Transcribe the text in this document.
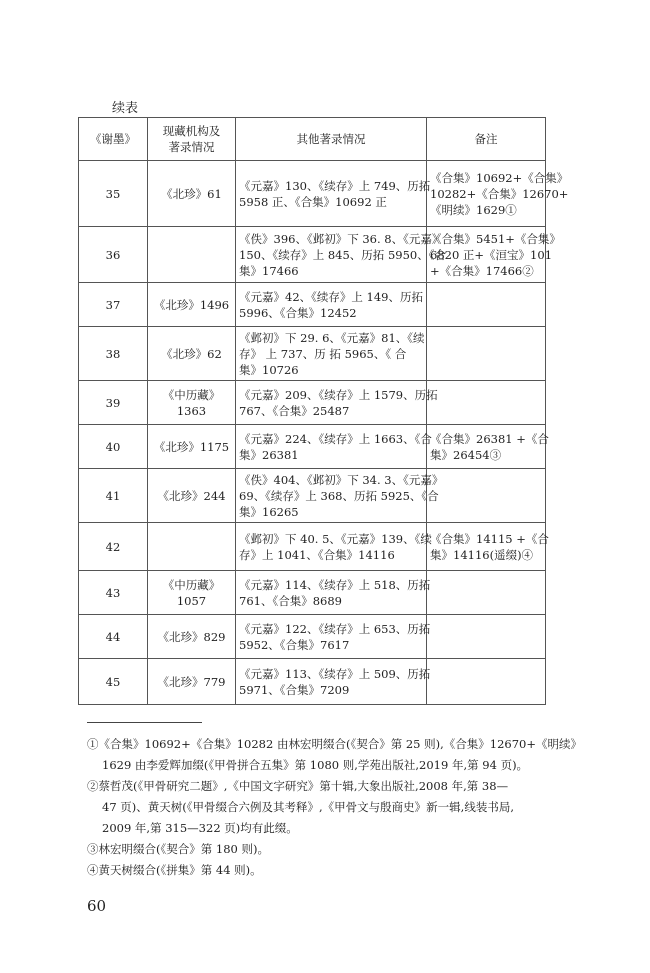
续表
《谢墨》	现藏机构及
著录情况	其他著录情况	备注

35	《北珍》61	《元嘉》130、《续存》上 749、历拓
5958 正、《合集》10692 正	《合集》10692+《合集》
10282+《合集》12670+
《明续》1629①

36		《佚》396、《邺初》下 36. 8、《元嘉》
150、《续存》上 845、历拓 5950、《合
集》17466	《合集》5451+《合集》
6820 正+《洹宝》101
+《合集》17466②

37	《北珍》1496	《元嘉》42、《续存》上 149、历拓
5996、《合集》12452	

38	《北珍》62	《邺初》下 29. 6、《元嘉》81、《续
存》 上 737、历 拓 5965、《 合
集》10726	

39	《中历藏》1363	《元嘉》209、《续存》上 1579、历拓
767、《合集》25487	

40	《北珍》1175	《元嘉》224、《续存》上 1663、《合
集》26381	《合集》26381 +《合
集》26454③

41	《北珍》244	《佚》404、《邺初》下 34. 3、《元嘉》
69、《续存》上 368、历拓 5925、《合
集》16265	

42		《邺初》下 40. 5、《元嘉》139、《续
存》上 1041、《合集》14116	《合集》14115 +《合
集》14116(遥缀)④

43	《中历藏》1057	《元嘉》114、《续存》上 518、历拓
761、《合集》8689	

44	《北珍》829	《元嘉》122、《续存》上 653、历拓
5952、《合集》7617	

45	《北珍》779	《元嘉》113、《续存》上 509、历拓
5971、《合集》7209	

①《合集》10692+《合集》10282 由林宏明缀合(《契合》第 25 则),《合集》12670+《明续》
1629 由李爱辉加缀(《甲骨拼合五集》第 1080 则,学苑出版社,2019 年,第 94 页)。
②蔡哲茂(《甲骨研究二题》,《中国文字研究》第十辑,大象出版社,2008 年,第 38—
47 页)、黄天树(《甲骨缀合六例及其考释》,《甲骨文与殷商史》新一辑,线装书局,
2009 年,第 315—322 页)均有此缀。
③林宏明缀合(《契合》第 180 则)。
④黄天树缀合(《拼集》第 44 则)。
60
